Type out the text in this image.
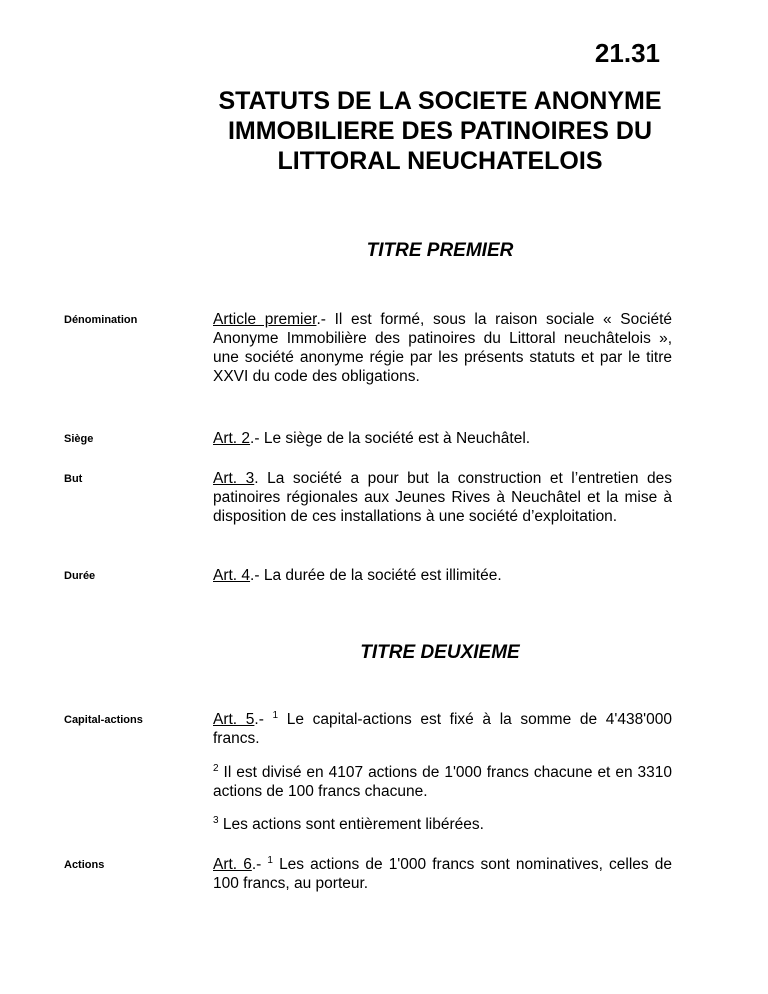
21.31
STATUTS DE LA SOCIETE ANONYME IMMOBILIERE DES PATINOIRES DU LITTORAL NEUCHATELOIS
TITRE PREMIER
Dénomination	Article premier.- Il est formé, sous la raison sociale « Société Anonyme Immobilière des patinoires du Littoral neuchâtelois », une société anonyme régie par les présents statuts et par le titre XXVI du code des obligations.

Siège	Art. 2.- Le siège de la société est à Neuchâtel.

But	Art. 3. La société a pour but la construction et l’entretien des patinoires régionales aux Jeunes Rives à Neuchâtel et la mise à disposition de ces installations à une société d’exploitation.

Durée	Art. 4.- La durée de la société est illimitée.

TITRE DEUXIEME
Capital-actions	Art. 5.- $^1$ Le capital-actions est fixé à la somme de 4'438'000 francs.

$^2$ Il est divisé en 4107 actions de 1'000 francs chacune et en 3310 actions de 100 francs chacune.

$^3$ Les actions sont entièrement libérées.

Actions	Art. 6.- $^1$ Les actions de 1'000 francs sont nominatives, celles de 100 francs, au porteur.
